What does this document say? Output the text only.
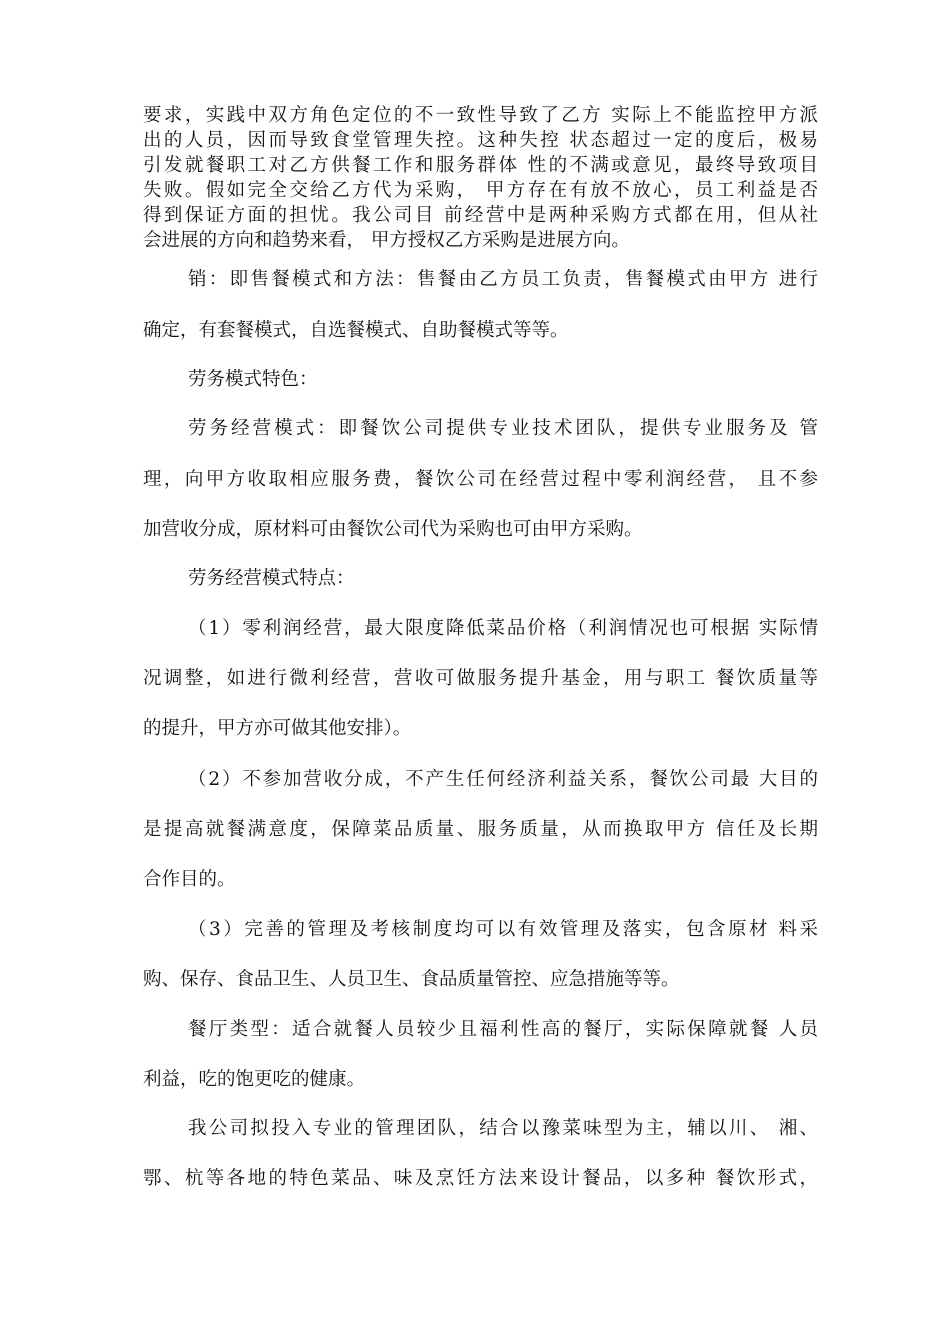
要求，实践中双方角色定位的不一致性导致了乙方 实际上不能监控甲方派

出的人员，因而导致食堂管理失控。这种失控 状态超过一定的度后，极易

引发就餐职工对乙方供餐工作和服务群体 性的不满或意见，最终导致项目

失败。假如完全交给乙方代为采购， 甲方存在有放不放心，员工利益是否

得到保证方面的担忧。我公司目 前经营中是两种采购方式都在用，但从社

会进展的方向和趋势来看， 甲方授权乙方采购是进展方向。

销：即售餐模式和方法：售餐由乙方员工负责，售餐模式由甲方 进行

确定，有套餐模式，自选餐模式、自助餐模式等等。

劳务模式特色：

劳务经营模式：即餐饮公司提供专业技术团队，提供专业服务及 管

理，向甲方收取相应服务费，餐饮公司在经营过程中零利润经营， 且不参

加营收分成，原材料可由餐饮公司代为采购也可由甲方采购。

劳务经营模式特点：

（1）零利润经营，最大限度降低菜品价格（利润情况也可根据 实际情

况调整，如进行微利经营，营收可做服务提升基金，用与职工 餐饮质量等

的提升，甲方亦可做其他安排）。

（2）不参加营收分成，不产生任何经济利益关系，餐饮公司最 大目的

是提高就餐满意度，保障菜品质量、服务质量，从而换取甲方 信任及长期

合作目的。

（3）完善的管理及考核制度均可以有效管理及落实，包含原材 料采

购、保存、食品卫生、人员卫生、食品质量管控、应急措施等等。

餐厅类型：适合就餐人员较少且福利性高的餐厅，实际保障就餐 人员

利益，吃的饱更吃的健康。

我公司拟投入专业的管理团队，结合以豫菜味型为主，辅以川、 湘、

鄂、杭等各地的特色菜品、味及烹饪方法来设计餐品，以多种 餐饮形式，
